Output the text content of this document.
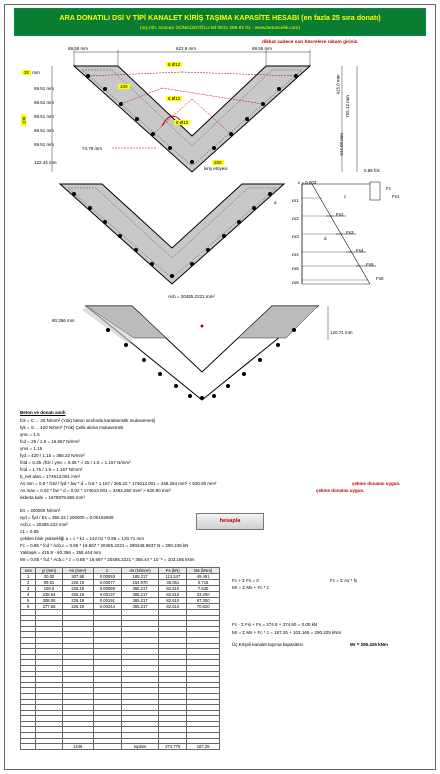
ARA DONATILI DSİ V TİPİ KANALET KİRİŞ TAŞIMA KAPASİTE HESABI (en fazla 25 sıra donatı)
(inş.mh. Gürcan GÜNDÜZOĞLU tel 0532 288 82 01 - www.betoncelik.com)
dikkat sadece sarı hücrelere rakam giriniz.
69.55 mm	622.9 mm	69.55 mm
8 Ø12
100
8 Ø12
8 Ø12
30 mm
69.51 mm
69.51 mm
69.51 mm
69.51 mm
69.51 mm
122.44 mm
100
74.79 mm
200
kiriş etriyesi
415.8 mm
755.12 mm
344.09 mm
ε = 0.003
0.85 fck
Fc
Fs1
Fs2
Fs3
Fs4
Fs5
Fs6
εs1
εs2
εs3
εs4
εs5
εs6
c
a
d
Acb = 20485.2221 mm²
80.356 mm
120.71 mm
Beton ve donatı sınıfı
fck = C ... 25 N/mm² (Yük) beton sınıfında karakteristik mukavemeti)
fyk = S ... 420 N/mm² (Yük) Çelik akma mukavemeti
γmc = 1.5
fcd = 25 / 1.5 = 16.667 N/mm²
γms = 1.15
fyd = 420 / 1.15 = 365.22 N/mm²
fctd = 0.35 √fck / γmc = 0.35 * √ 25 / 1.5 = 1.167 N/mm²
fctd = 1.75 / 1.5 = 1.167 N/mm²
b_net alan = 174613.001 mm²
As min = 0.8 * fctd / fyd * bw * d = 0.8 * 1.167 / 365.22 * 174613.001 = 446.254 mm² < 630.90 mm²	çekme donatısı uygun.
As max = 0.02 * bw * d = 0.02 * 174613.001 = 3492.260 mm² > 630.90 mm²	çekme donatısı uygun.
ekbeta kabı = 1675979.865 mm³
Es = 200000 N/mm²
εyd = fyd / Es = 365.22 / 200000 = 0.00182609
Acb,c = 20485.222 mm²
c1 = 0.85
çekilen blok yüksekliği a = c * k1 = 142.01 * 0.85 = 120.71 mm
Fc = 0.85 * fcd * Acb,c = 0.85 * 16.667 * 20485.2221 = 290248.9637 N = 290.249 kN
Yaklaşık = 415.8 - 60.356 = 355.444 mm
Mr = 0.85 * fcd * Acb,c * z = 0.85 * 16.667 * 20485.2221 * 355.44 * 10⁻⁶ = 103.165 kNm
hesapla
sıra	yi (mm)	As (mm²)	ε	σs (N/mm²)	Fs (kN)	Ms (kNm)
1	30.00	307.88	0.00093	185.217	113.247	49.491
2	99.51	226.19	0.00077	154.970	35.051	0.716
3	169.0	226.19	0.00089	365.217	82.610	7.630
4	238.54	226.19	0.00137	365.217	82.610	33.290
5	308.05	226.19	0.00191	365.217	82.610	57.300
6	377.56	226.19	0.00244	365.217	82.610	70.820

		1446		toplam	274.778	187.26
Fc + Σ Fs = 0
Mr = Σ Ms + Fc * z
Fc = Σ As * fs
Fc - Σ Fsi + Fs = 274.8 + 374.60 = 0.00 kN
Mr = Σ Ms + Fc * z = 187.26 + 103.165 = 290.425 kNm
Üç Köşeli kanalet taşıma kapasitesi	Mr = 290.425 kNm
